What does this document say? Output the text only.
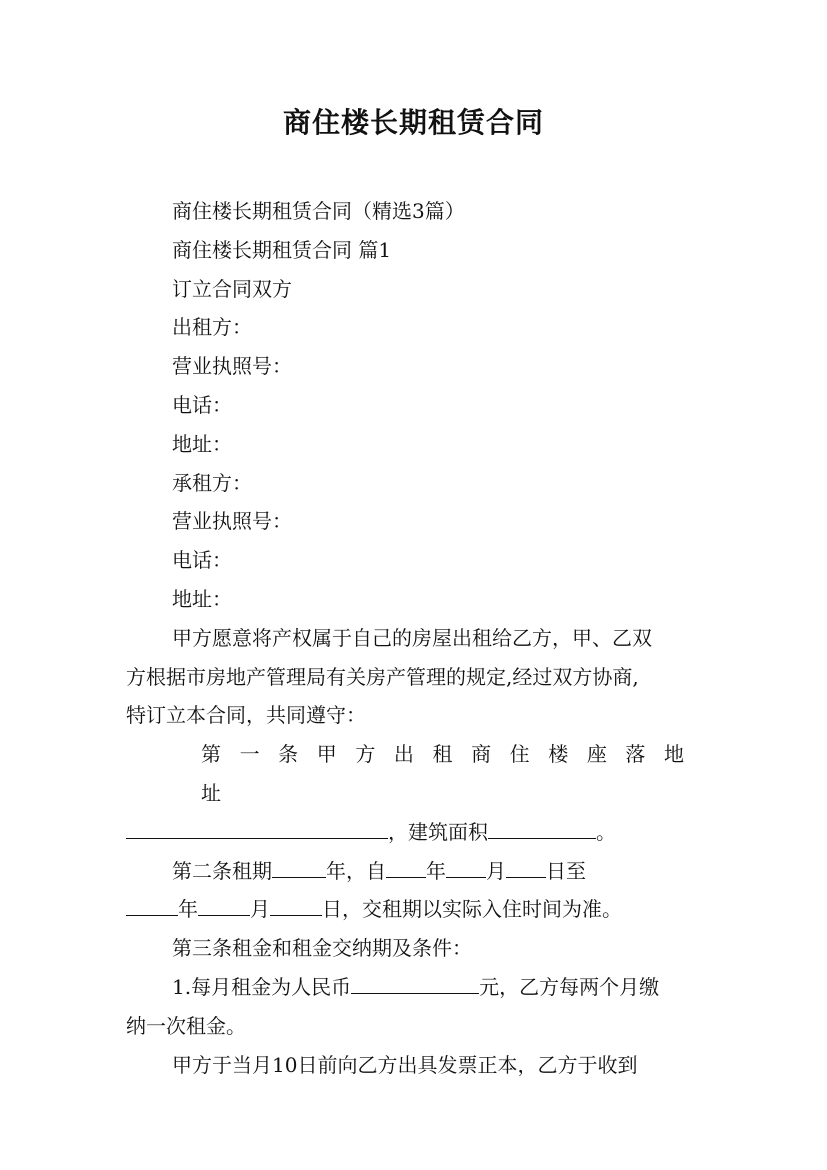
商住楼长期租赁合同
商住楼长期租赁合同（精选3篇）
商住楼长期租赁合同 篇1
订立合同双方
出租方：
营业执照号：
电话：
地址：
承租方：
营业执照号：
电话：
地址：
甲方愿意将产权属于自己的房屋出租给乙方，甲、乙双
方根据市房地产管理局有关房产管理的规定,经过双方协商,
特订立本合同，共同遵守：
第一条甲方出租商住楼座落地址
，建筑面积	。
第二条租期	年，自 年 月 日至
年	月	日，交租期以实际入住时间为准。
第三条租金和租金交纳期及条件：
1.每月租金为人民币	元，乙方每两个月缴
纳一次租金。
甲方于当月10日前向乙方出具发票正本，乙方于收到
